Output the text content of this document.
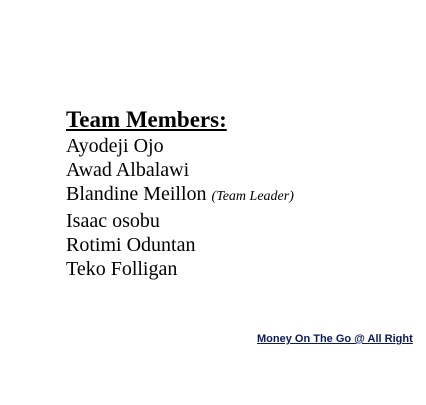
Team Members:
Ayodeji Ojo
Awad Albalawi
Blandine Meillon (Team Leader)
Isaac osobu
Rotimi Oduntan
Teko Folligan
Money On The Go @ All Right
